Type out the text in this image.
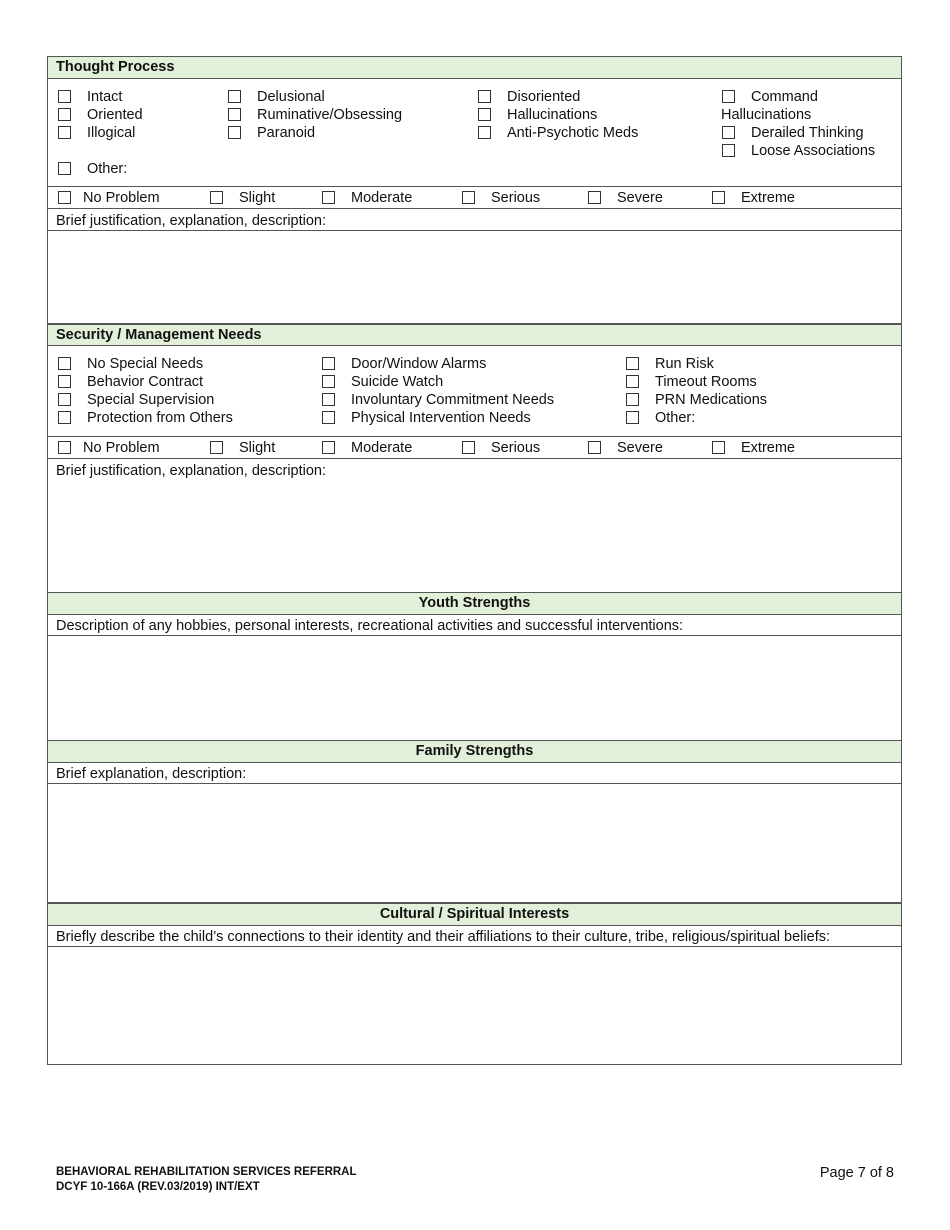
Thought Process
Intact
Oriented
Illogical
Other:
Delusional
Ruminative/Obsessing
Paranoid
Disoriented
Hallucinations
Anti-Psychotic Meds
Command
Hallucinations
Derailed Thinking
Loose Associations
No Problem	Slight	Moderate	Serious	Severe	Extreme
Brief justification, explanation, description:
Security / Management Needs
No Special Needs
Behavior Contract
Special Supervision
Protection from Others
Door/Window Alarms
Suicide Watch
Involuntary Commitment Needs
Physical Intervention Needs
Run Risk
Timeout Rooms
PRN Medications
Other:
No Problem	Slight	Moderate	Serious	Severe	Extreme
Brief justification, explanation, description:
Youth Strengths
Description of any hobbies, personal interests, recreational activities and successful interventions:
Family Strengths
Brief explanation, description:
Cultural / Spiritual Interests
Briefly describe the child’s connections to their identity and their affiliations to their culture, tribe, religious/spiritual beliefs:
BEHAVIORAL REHABILITATION SERVICES REFERRAL
DCYF 10-166A (REV.03/2019) INT/EXT
Page 7 of 8
